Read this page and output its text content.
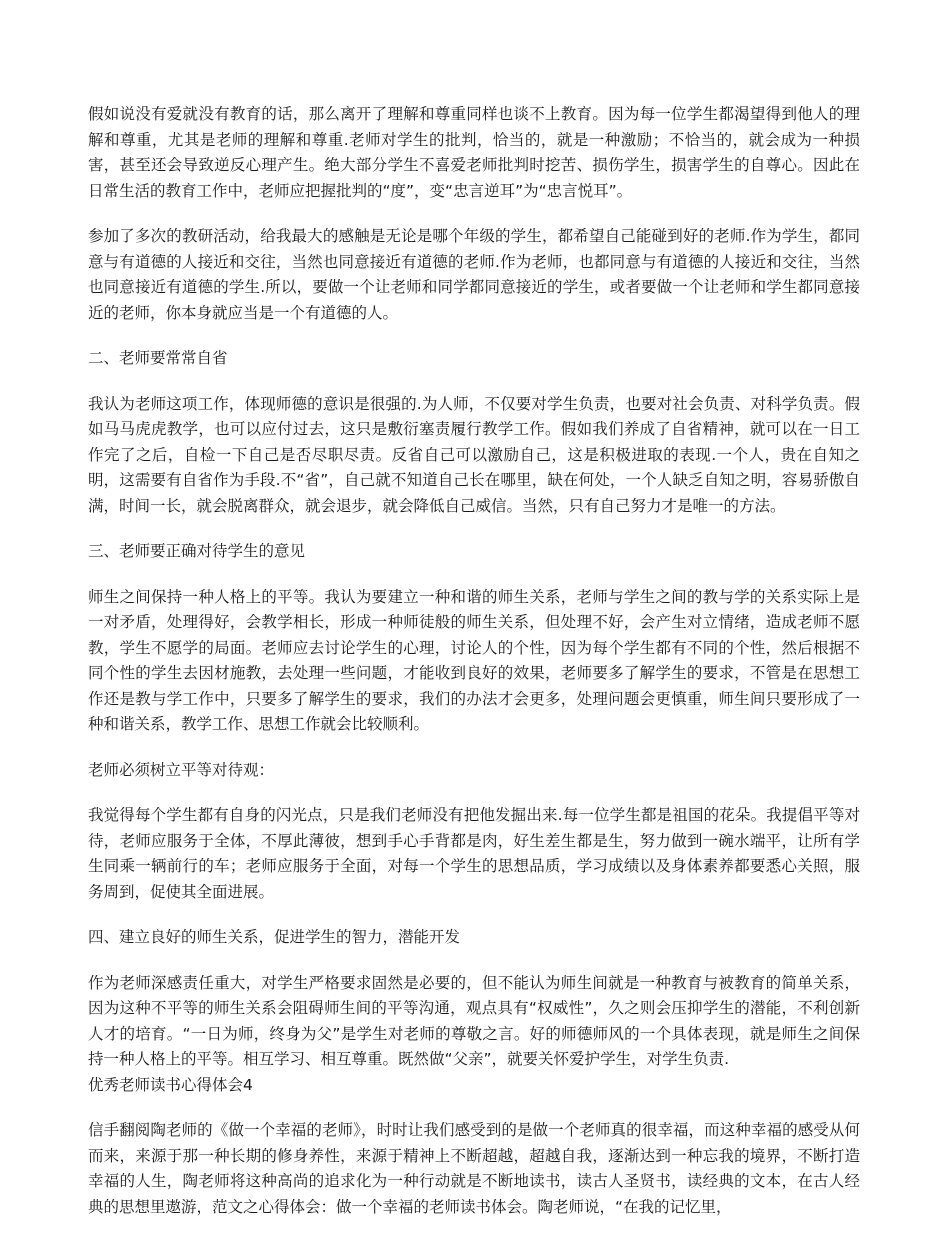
假如说没有爱就没有教育的话，那么离开了理解和尊重同样也谈不上教育。因为每一位学生都渴望得到他人的理解和尊重，尤其是老师的理解和尊重.老师对学生的批判，恰当的，就是一种激励；不恰当的，就会成为一种损害，甚至还会导致逆反心理产生。绝大部分学生不喜爱老师批判时挖苦、损伤学生，损害学生的自尊心。因此在日常生活的教育工作中，老师应把握批判的“度”，变“忠言逆耳”为“忠言悦耳”。

参加了多次的教研活动，给我最大的感触是无论是哪个年级的学生，都希望自己能碰到好的老师.作为学生，都同意与有道德的人接近和交往，当然也同意接近有道德的老师.作为老师，也都同意与有道德的人接近和交往，当然也同意接近有道德的学生.所以，要做一个让老师和同学都同意接近的学生，或者要做一个让老师和学生都同意接近的老师，你本身就应当是一个有道德的人。

二、老师要常常自省

我认为老师这项工作，体现师德的意识是很强的.为人师，不仅要对学生负责，也要对社会负责、对科学负责。假如马马虎虎教学，也可以应付过去，这只是敷衍塞责履行教学工作。假如我们养成了自省精神，就可以在一日工作完了之后，自检一下自己是否尽职尽责。反省自己可以激励自己，这是积极进取的表现.一个人，贵在自知之明，这需要有自省作为手段.不“省”，自己就不知道自己长在哪里，缺在何处，一个人缺乏自知之明，容易骄傲自满，时间一长，就会脱离群众，就会退步，就会降低自己威信。当然，只有自己努力才是唯一的方法。

三、老师要正确对待学生的意见

师生之间保持一种人格上的平等。我认为要建立一种和谐的师生关系，老师与学生之间的教与学的关系实际上是一对矛盾，处理得好，会教学相长，形成一种师徒般的师生关系，但处理不好，会产生对立情绪，造成老师不愿教，学生不愿学的局面。老师应去讨论学生的心理，讨论人的个性，因为每个学生都有不同的个性，然后根据不同个性的学生去因材施教，去处理一些问题，才能收到良好的效果，老师要多了解学生的要求，不管是在思想工作还是教与学工作中，只要多了解学生的要求，我们的办法才会更多，处理问题会更慎重，师生间只要形成了一种和谐关系，教学工作、思想工作就会比较顺利。

老师必须树立平等对待观：

我觉得每个学生都有自身的闪光点，只是我们老师没有把他发掘出来.每一位学生都是祖国的花朵。我提倡平等对待，老师应服务于全体，不厚此薄彼，想到手心手背都是肉，好生差生都是生，努力做到一碗水端平，让所有学生同乘一辆前行的车；老师应服务于全面，对每一个学生的思想品质，学习成绩以及身体素养都要悉心关照，服务周到，促使其全面进展。

四、建立良好的师生关系，促进学生的智力，潜能开发

作为老师深感责任重大，对学生严格要求固然是必要的，但不能认为师生间就是一种教育与被教育的简单关系，因为这种不平等的师生关系会阻碍师生间的平等沟通，观点具有“权威性”，久之则会压抑学生的潜能，不利创新人才的培育。“一日为师，终身为父”是学生对老师的尊敬之言。好的师德师风的一个具体表现，就是师生之间保持一种人格上的平等。相互学习、相互尊重。既然做“父亲”，就要关怀爱护学生，对学生负责.
优秀老师读书心得体会4

信手翻阅陶老师的《做一个幸福的老师》，时时让我们感受到的是做一个老师真的很幸福，而这种幸福的感受从何而来，来源于那一种长期的修身养性，来源于精神上不断超越，超越自我，逐渐达到一种忘我的境界，不断打造幸福的人生，陶老师将这种高尚的追求化为一种行动就是不断地读书，读古人圣贤书，读经典的文本，在古人经典的思想里遨游，范文之心得体会：做一个幸福的老师读书体会。陶老师说，“在我的记忆里，
